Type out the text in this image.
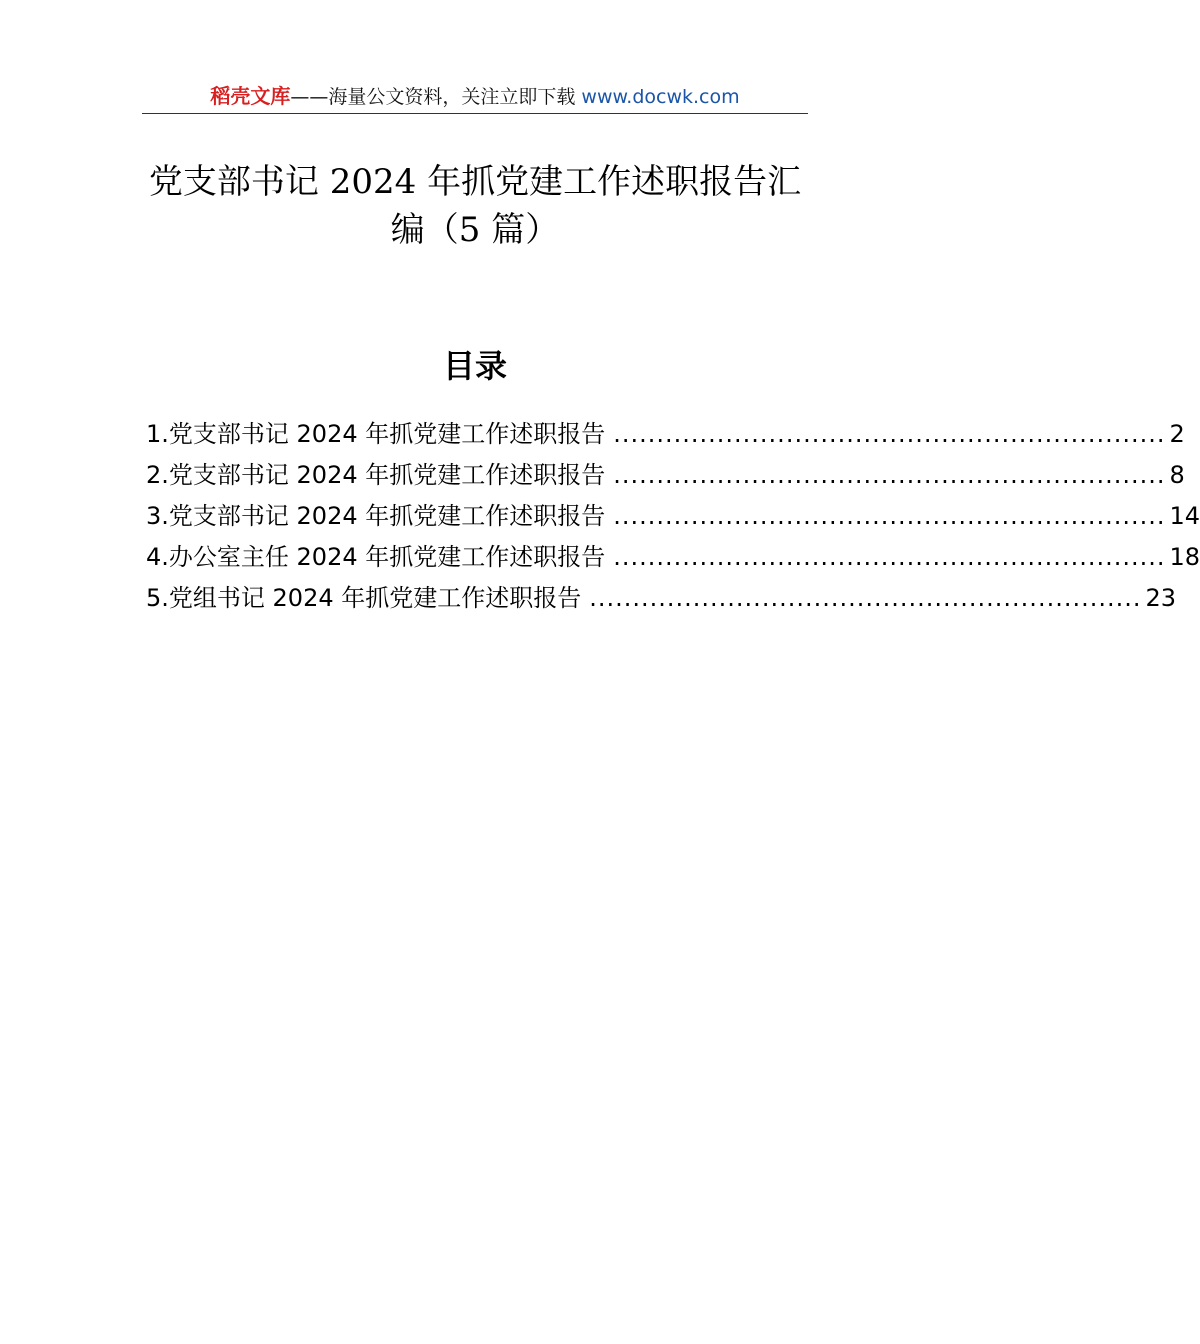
稻壳文库——海量公文资料，关注立即下载 www.docwk.com
党支部书记 2024 年抓党建工作述职报告汇
编（5 篇）
目录
1.党支部书记 2024 年抓党建工作述职报告 ................................................................ 2
2.党支部书记 2024 年抓党建工作述职报告 ................................................................ 8
3.党支部书记 2024 年抓党建工作述职报告 ................................................................ 14
4.办公室主任 2024 年抓党建工作述职报告 ................................................................ 18
5.党组书记 2024 年抓党建工作述职报告 ................................................................ 23
